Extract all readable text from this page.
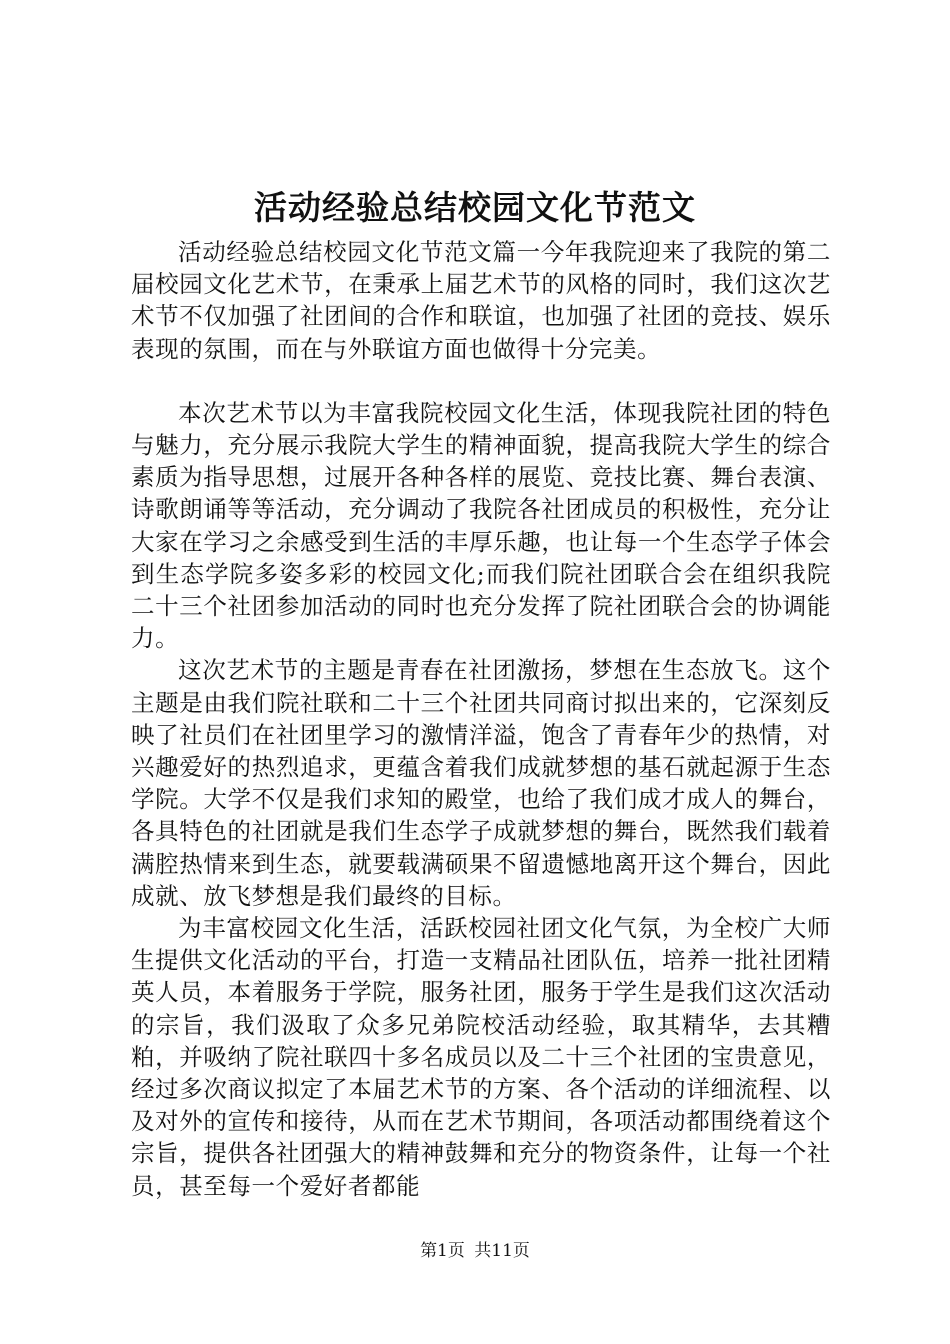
活动经验总结校园文化节范文

活动经验总结校园文化节范文篇一今年我院迎来了我院的第二届校园文化艺术节，在秉承上届艺术节的风格的同时，我们这次艺术节不仅加强了社团间的合作和联谊，也加强了社团的竞技、娱乐表现的氛围，而在与外联谊方面也做得十分完美。

本次艺术节以为丰富我院校园文化生活，体现我院社团的特色与魅力，充分展示我院大学生的精神面貌，提高我院大学生的综合素质为指导思想，过展开各种各样的展览、竞技比赛、舞台表演、诗歌朗诵等等活动，充分调动了我院各社团成员的积极性，充分让大家在学习之余感受到生活的丰厚乐趣，也让每一个生态学子体会到生态学院多姿多彩的校园文化;而我们院社团联合会在组织我院二十三个社团参加活动的同时也充分发挥了院社团联合会的协调能力。

这次艺术节的主题是青春在社团激扬，梦想在生态放飞。这个主题是由我们院社联和二十三个社团共同商讨拟出来的，它深刻反映了社员们在社团里学习的激情洋溢，饱含了青春年少的热情，对兴趣爱好的热烈追求，更蕴含着我们成就梦想的基石就起源于生态学院。大学不仅是我们求知的殿堂，也给了我们成才成人的舞台，各具特色的社团就是我们生态学子成就梦想的舞台，既然我们载着满腔热情来到生态，就要载满硕果不留遗憾地离开这个舞台，因此成就、放飞梦想是我们最终的目标。

为丰富校园文化生活，活跃校园社团文化气氛，为全校广大师生提供文化活动的平台，打造一支精品社团队伍，培养一批社团精英人员，本着服务于学院，服务社团，服务于学生是我们这次活动的宗旨，我们汲取了众多兄弟院校活动经验，取其精华，去其糟粕，并吸纳了院社联四十多名成员以及二十三个社团的宝贵意见，经过多次商议拟定了本届艺术节的方案、各个活动的详细流程、以及对外的宣传和接待，从而在艺术节期间，各项活动都围绕着这个宗旨，提供各社团强大的精神鼓舞和充分的物资条件，让每一个社员，甚至每一个爱好者都能

第1页 共11页
